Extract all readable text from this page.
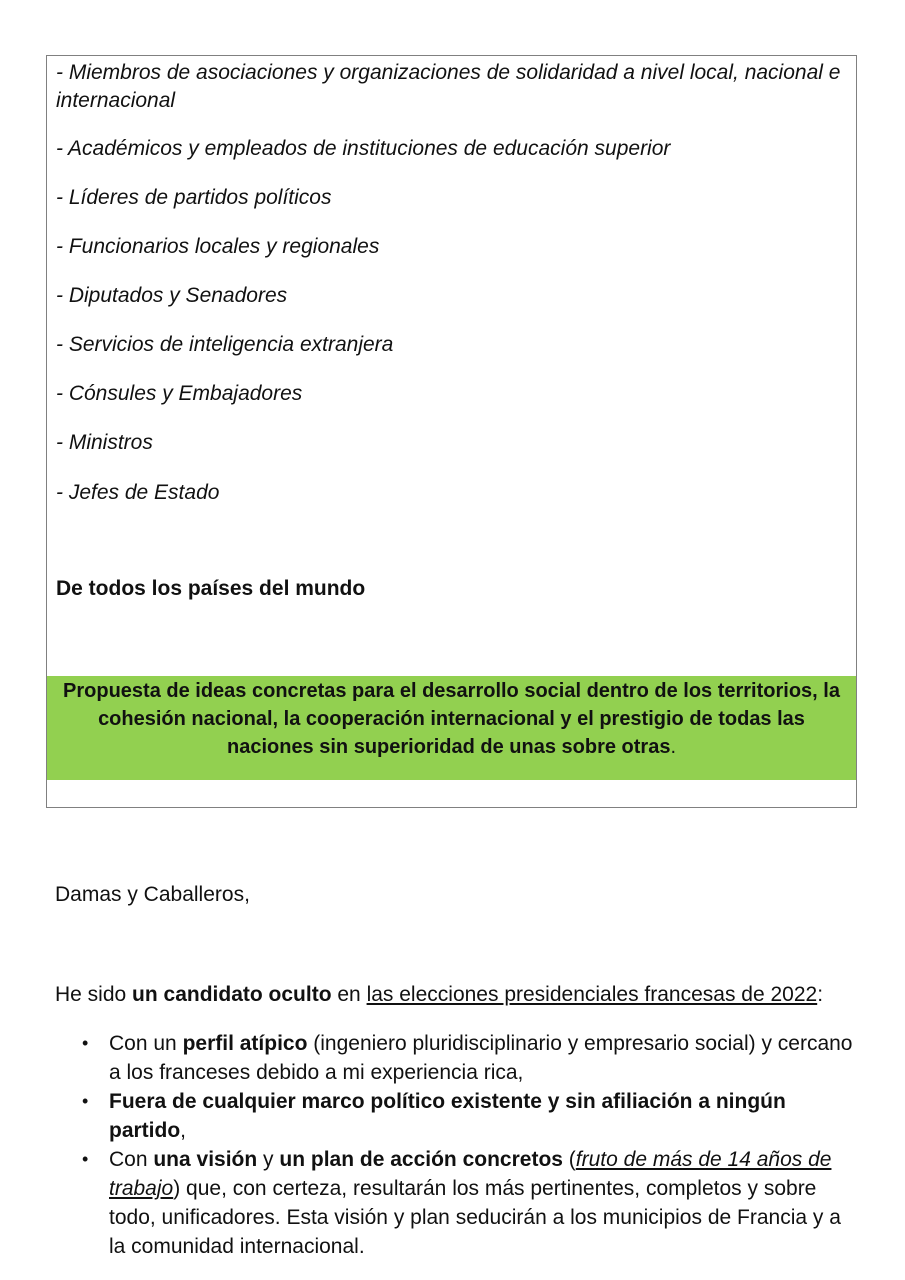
- Miembros de asociaciones y organizaciones de solidaridad a nivel local, nacional e internacional
- Académicos y empleados de instituciones de educación superior
- Líderes de partidos políticos
- Funcionarios locales y regionales
- Diputados y Senadores
- Servicios de inteligencia extranjera
- Cónsules y Embajadores
- Ministros
- Jefes de Estado
De todos los países del mundo
Propuesta de ideas concretas para el desarrollo social dentro de los territorios, la
cohesión nacional, la cooperación internacional y el prestigio de todas las
naciones sin superioridad de unas sobre otras.
Damas y Caballeros,
He sido un candidato oculto en las elecciones presidenciales francesas de 2022:
• Con un perfil atípico (ingeniero pluridisciplinario y empresario social) y cercano a los franceses debido a mi experiencia rica,
• Fuera de cualquier marco político existente y sin afiliación a ningún partido,
• Con una visión y un plan de acción concretos (fruto de más de 14 años de trabajo) que, con certeza, resultarán los más pertinentes, completos y sobre todo, unificadores. Esta visión y plan seducirán a los municipios de Francia y a la comunidad internacional.
